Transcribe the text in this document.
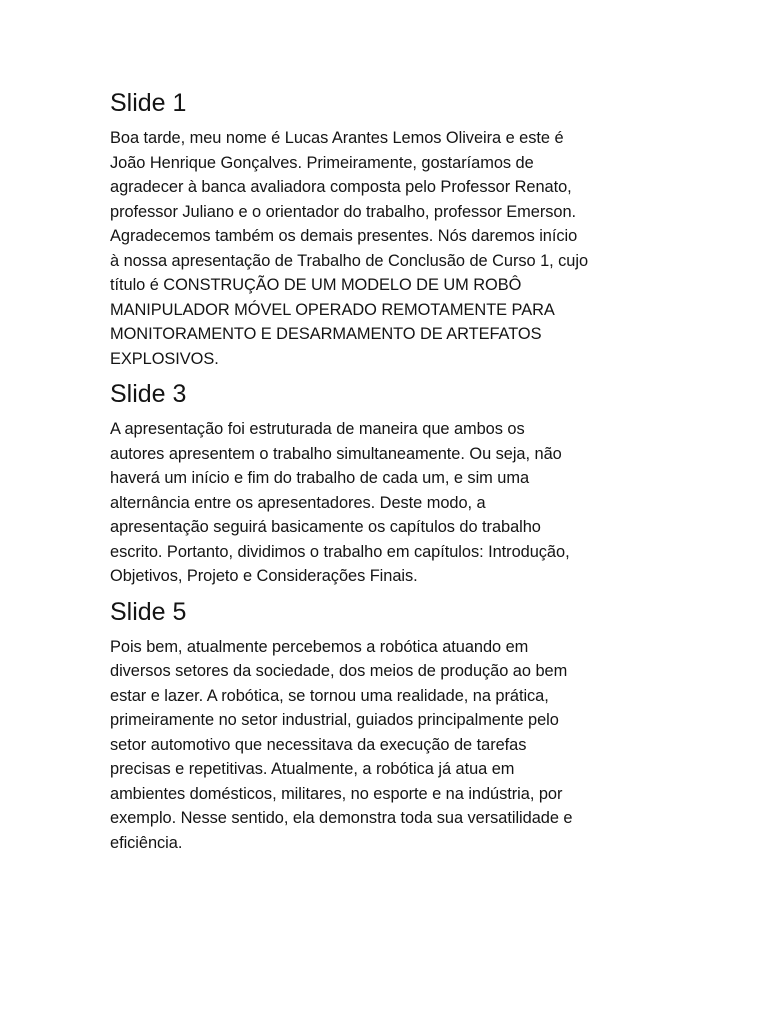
Slide 1

Boa tarde, meu nome é Lucas Arantes Lemos Oliveira e este é
João Henrique Gonçalves. Primeiramente, gostaríamos de
agradecer à banca avaliadora composta pelo Professor Renato,
professor Juliano e o orientador do trabalho, professor Emerson.
Agradecemos também os demais presentes. Nós daremos início
à nossa apresentação de Trabalho de Conclusão de Curso 1, cujo
título é CONSTRUÇÃO DE UM MODELO DE UM ROBÔ
MANIPULADOR MÓVEL OPERADO REMOTAMENTE PARA
MONITORAMENTO E DESARMAMENTO DE ARTEFATOS
EXPLOSIVOS.

Slide 3

A apresentação foi estruturada de maneira que ambos os
autores apresentem o trabalho simultaneamente. Ou seja, não
haverá um início e fim do trabalho de cada um, e sim uma
alternância entre os apresentadores. Deste modo, a
apresentação seguirá basicamente os capítulos do trabalho
escrito. Portanto, dividimos o trabalho em capítulos: Introdução,
Objetivos, Projeto e Considerações Finais.

Slide 5

Pois bem, atualmente percebemos a robótica atuando em
diversos setores da sociedade, dos meios de produção ao bem
estar e lazer. A robótica, se tornou uma realidade, na prática,
primeiramente no setor industrial, guiados principalmente pelo
setor automotivo que necessitava da execução de tarefas
precisas e repetitivas. Atualmente, a robótica já atua em
ambientes domésticos, militares, no esporte e na indústria, por
exemplo. Nesse sentido, ela demonstra toda sua versatilidade e
eficiência.
